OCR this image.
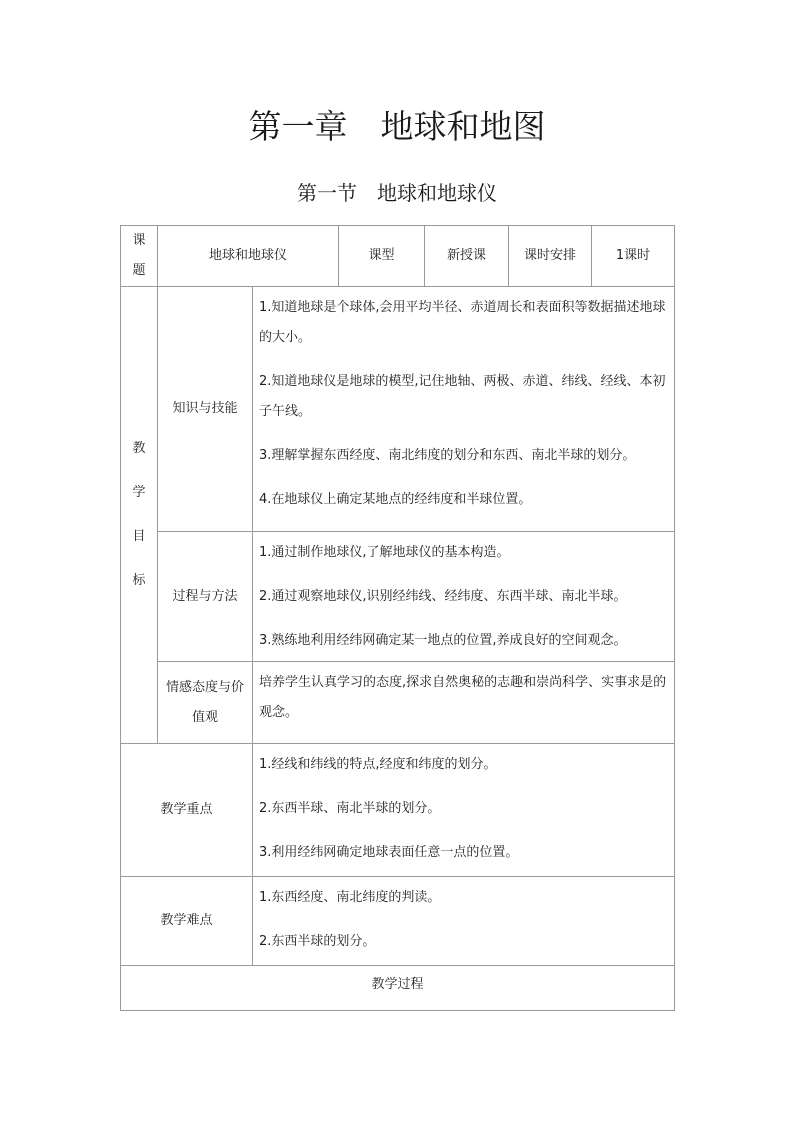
第一章　地球和地图
第一节　地球和地球仪
课题	地球和地球仪		课型	新授课	课时安排	1课时

教
学
目
标	知识与技能	1.知道地球是个球体,会用平均半径、赤道周长和表面积等数据描述地球的大小。
2.知道地球仪是地球的模型,记住地轴、两极、赤道、纬线、经线、本初子午线。
3.理解掌握东西经度、南北纬度的划分和东西、南北半球的划分。
4.在地球仪上确定某地点的经纬度和半球位置。				

	过程与方法	1.通过制作地球仪,了解地球仪的基本构造。
2.通过观察地球仪,识别经纬线、经纬度、东西半球、南北半球。
3.熟练地利用经纬网确定某一地点的位置,养成良好的空间观念。				

	情感态度与价值观	培养学生认真学习的态度,探求自然奥秘的志趣和崇尚科学、实事求是的观念。				
教学重点		1.经线和纬线的特点,经度和纬度的划分。
2.东西半球、南北半球的划分。
3.利用经纬网确定地球表面任意一点的位置。				

教学难点		1.东西经度、南北纬度的判读。
2.东西半球的划分。				

教学过程						
